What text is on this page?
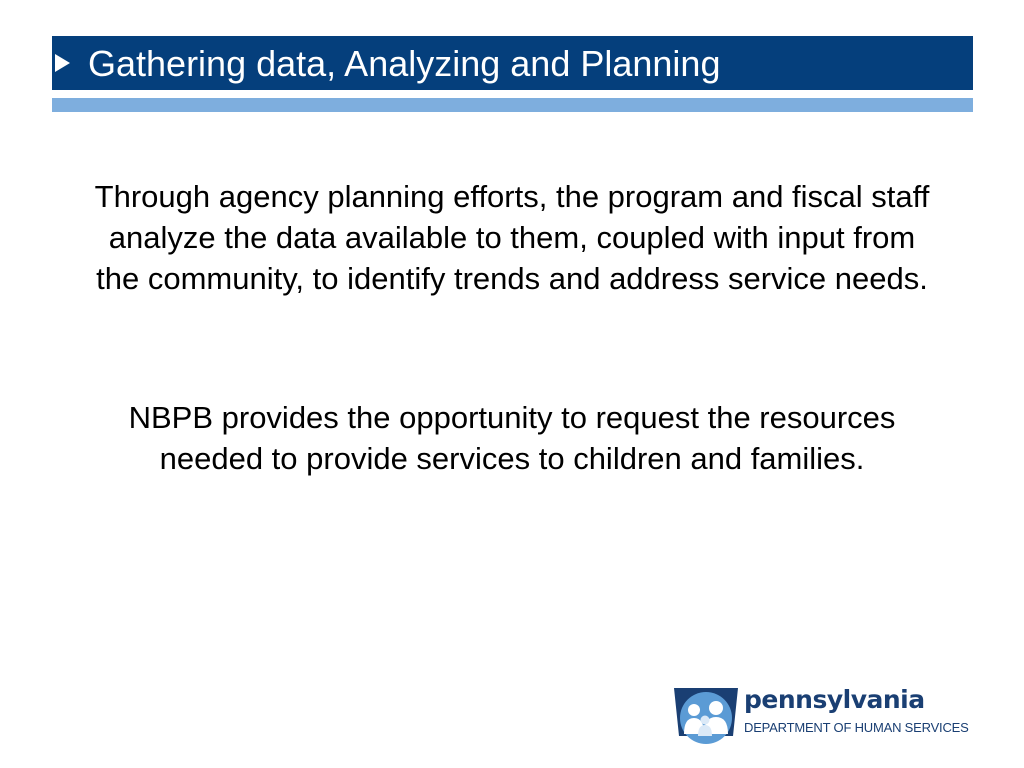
Gathering data, Analyzing and Planning

Through agency planning efforts, the program and fiscal staff analyze the data available to them, coupled with input from the community, to identify trends and address service needs.

NBPB provides the opportunity to request the resources needed to provide services to children and families.

pennsylvania
DEPARTMENT OF HUMAN SERVICES
